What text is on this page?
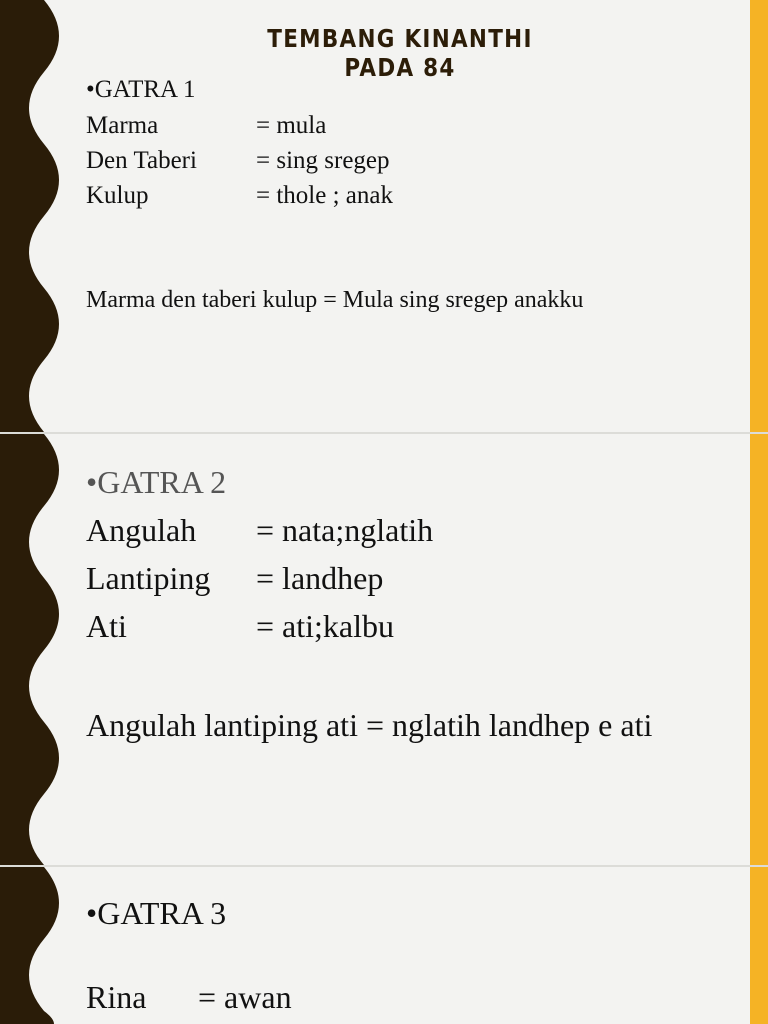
TEMBANG KINANTHI PADA 84
•GATRA 1
Marma	= mula
Den Taberi = sing sregep
Kulup	= thole ; anak
Marma den taberi kulup = Mula sing sregep anakku
•GATRA 2
Angulah = nata;nglatih
Lantiping = landhep
Ati	= ati;kalbu
Angulah lantiping ati = nglatih landhep e ati
•GATRA 3
Rina = awan
